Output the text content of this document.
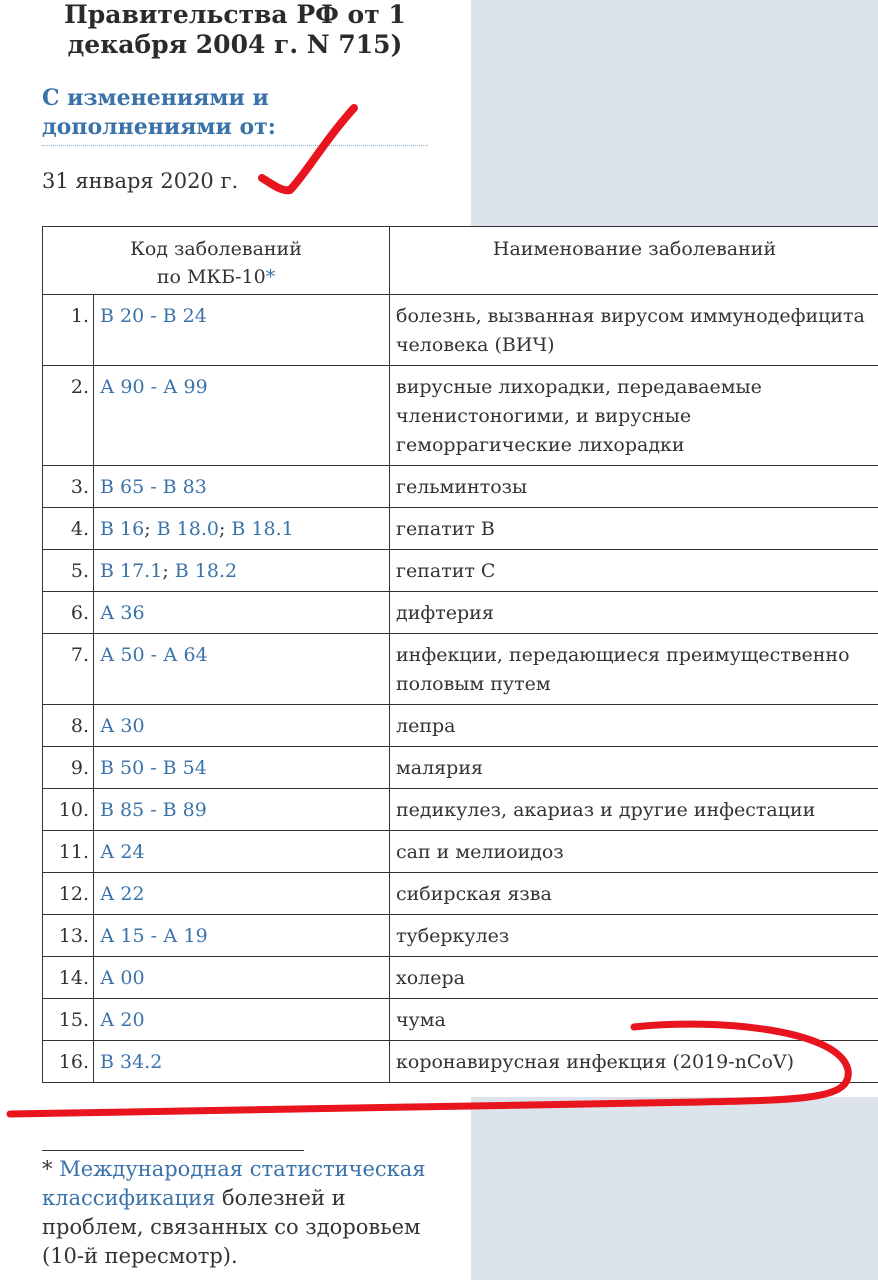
Правительства РФ от 1 декабря 2004 г. N 715)
С изменениями и дополнениями от:
31 января 2020 г.
Код заболеваний
по МКБ-10*		Наименование заболеваний
1.	В 20 - В 24	болезнь, вызванная вирусом иммунодефицита человека (ВИЧ)
2.	А 90 - А 99	вирусные лихорадки, передаваемые членистоногими, и вирусные геморрагические лихорадки
3.	В 65 - В 83	гельминтозы
4.	В 16; В 18.0; В 18.1	гепатит В
5.	В 17.1; В 18.2	гепатит С
6.	А 36	дифтерия
7.	А 50 - А 64	инфекции, передающиеся преимущественно половым путем
8.	А 30	лепра
9.	В 50 - В 54	малярия
10.	В 85 - В 89	педикулез, акариаз и другие инфестации
11.	А 24	сап и мелиоидоз
12.	А 22	сибирская язва
13.	А 15 - А 19	туберкулез
14.	А 00	холера
15.	А 20	чума
16.	В 34.2	коронавирусная инфекция (2019-nCoV)

* Международная статистическая классификация болезней и проблем, связанных со здоровьем (10-й пересмотр).
